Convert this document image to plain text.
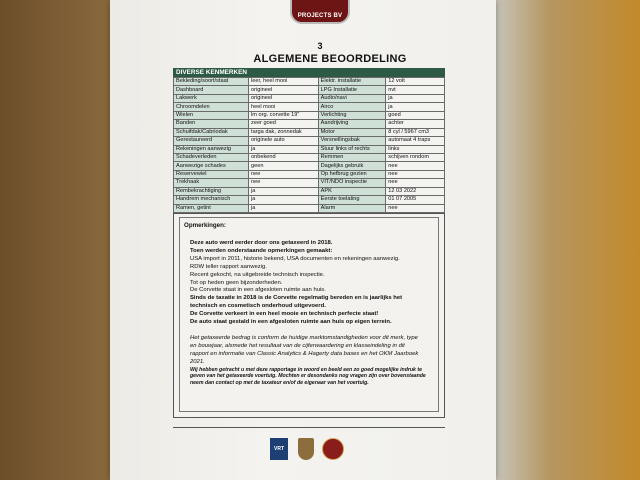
PROJECTS BV
3
ALGEMENE BEOORDELING
DIVERSE KENMERKEN
Bekleding/soort/staat	leer, heel mooi	Elektr. installatie	12 volt
Dashboard	origineel	LPG Installatie	nvt
Lakwerk	origineel	Audio/navi	ja
Chroomdelen	heel mooi	Airco	ja
Wielen	lm org. corvette 19"	Verlichting	goed
Banden	zeer goed	Aandrijving	achter
Schuifdak/Cabriodak	targa dak, zonnedak	Motor	8 cyl / 5967 cm3
Gerestaureerd	originele auto	Versnellingsbak	automaat 4 traps
Rekeningen aanwezig	ja	Stuur links of rechts	links
Schadeverleden	onbekend	Remmen	schijven rondom
Aanwezige schades	geen	Dagelijks gebruik	nee
Reservewiel	nee	Op hefbrug gezien	nee
Trekhaak	nee	VIT/NDO inspectie	nee
Rembekrachtiging	ja	APK	12 03 2022
Handrem mechanisch	ja	Eerste toelating	01 07 2005
Ramen, getint	ja	Alarm	nee
Opmerkingen:
Deze auto werd eerder door ons getaxeerd in 2018.
Toen werden onderstaande opmerkingen gemaakt:
USA import in 2011, historie bekend, USA documenten en rekeningen aanwezig.
RDW teller rapport aanwezig.
Recent gekocht, na uitgebreide technisch inspectie.
Tot op heden geen bijzonderheden.
De Corvette staat in een afgesloten ruimte aan huis.
Sinds de taxatie in 2018 is de Corvette regelmatig bereden en is jaarlijks het
technisch en cosmetisch onderhoud uitgevoerd.
De Corvette verkeert in een heel mooie en technisch perfecte staat!
De auto staat gestald in een afgesloten ruimte aan huis op eigen terrein.
Het getaxeerde bedrag is conform de huidige marktomstandigheden voor dit merk, type
en bouwjaar, alsmede het resultaat van de cijferwaardering en klasseindeling in dit
rapport en informatie van Classic Analytics & Hagerty data bases en het OKM Jaarboek
2021.
Wij hebben getracht u met deze rapportage in woord en beeld een zo goed mogelijke indruk te
geven van het getaxeerde voertuig. Mochten er desondanks nog vragen zijn over bovenstaande
neem dan contact op met de taxateur en/of de eigenaar van het voertuig.
VRT
